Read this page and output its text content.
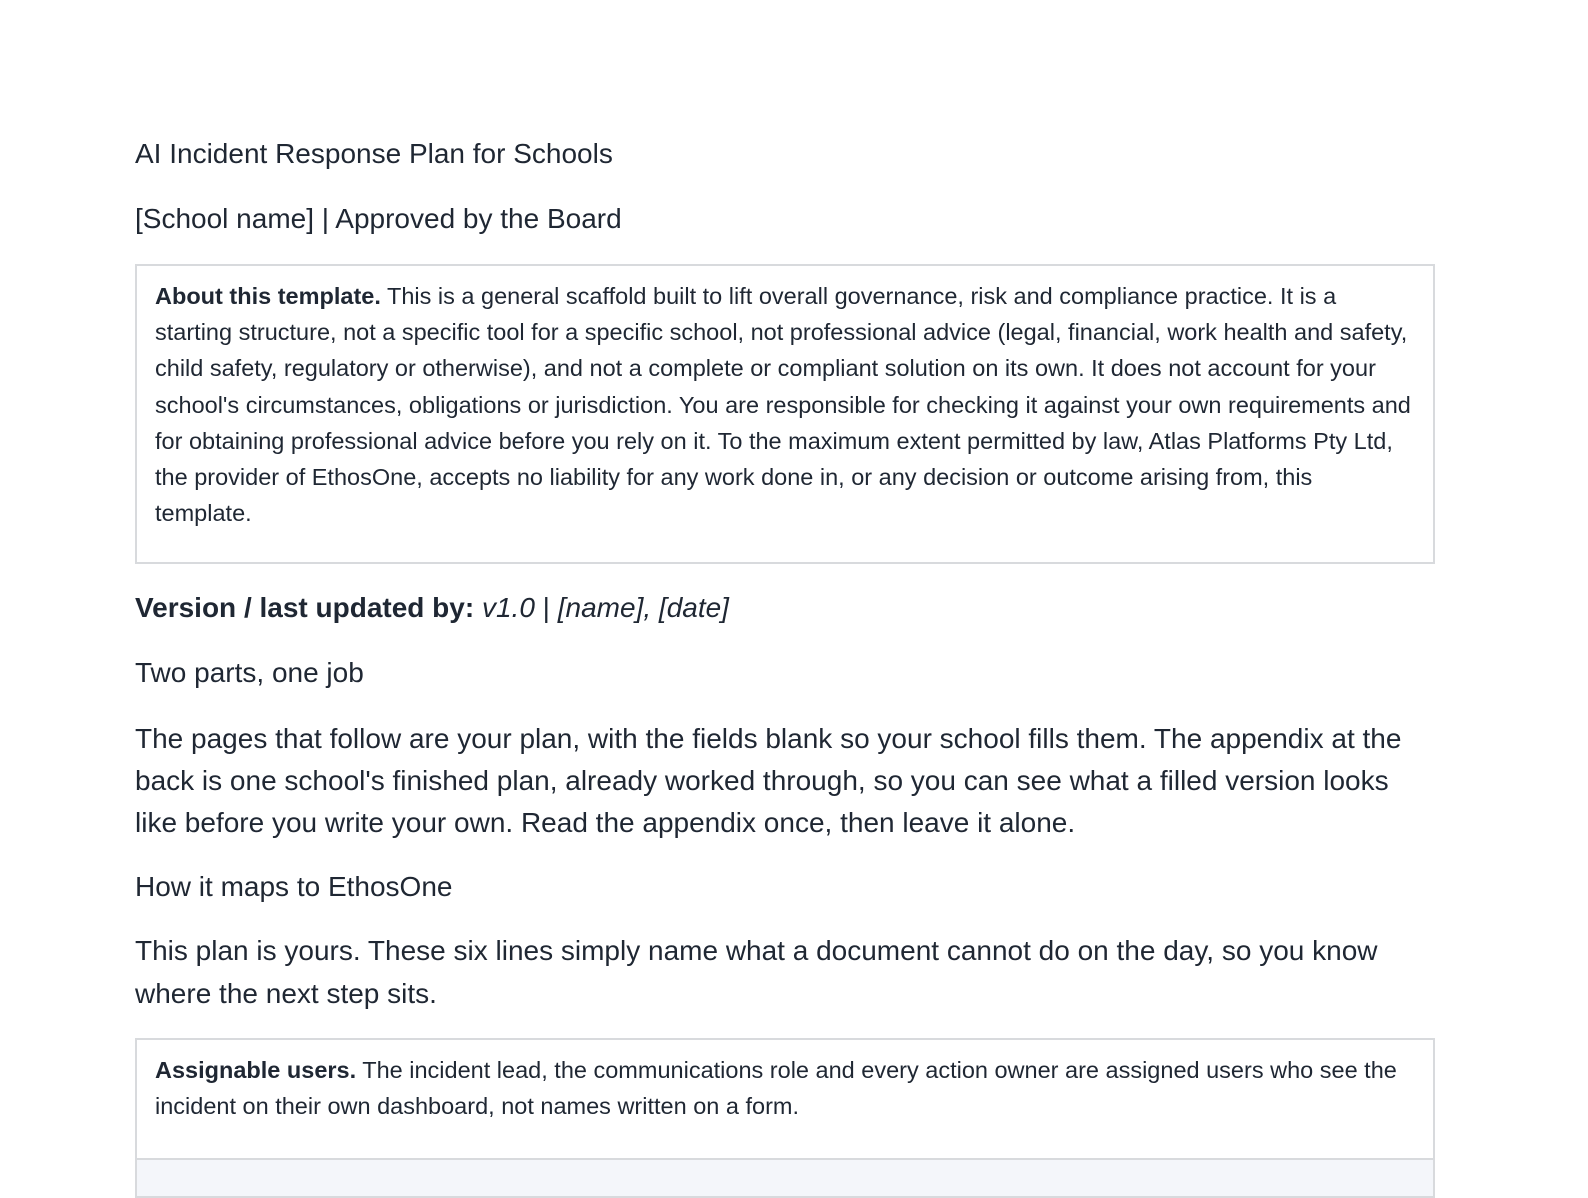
AI Incident Response Plan for Schools
[School name] | Approved by the Board
About this template. This is a general scaffold built to lift overall governance, risk and compliance practice. It is a starting structure, not a specific tool for a specific school, not professional advice (legal, financial, work health and safety, child safety, regulatory or otherwise), and not a complete or compliant solution on its own. It does not account for your school's circumstances, obligations or jurisdiction. You are responsible for checking it against your own requirements and for obtaining professional advice before you rely on it. To the maximum extent permitted by law, Atlas Platforms Pty Ltd, the provider of EthosOne, accepts no liability for any work done in, or any decision or outcome arising from, this template.
Version / last updated by: v1.0 | [name], [date]
Two parts, one job
The pages that follow are your plan, with the fields blank so your school fills them. The appendix at the back is one school's finished plan, already worked through, so you can see what a filled version looks like before you write your own. Read the appendix once, then leave it alone.
How it maps to EthosOne
This plan is yours. These six lines simply name what a document cannot do on the day, so you know where the next step sits.
Assignable users. The incident lead, the communications role and every action owner are assigned users who see the incident on their own dashboard, not names written on a form.
